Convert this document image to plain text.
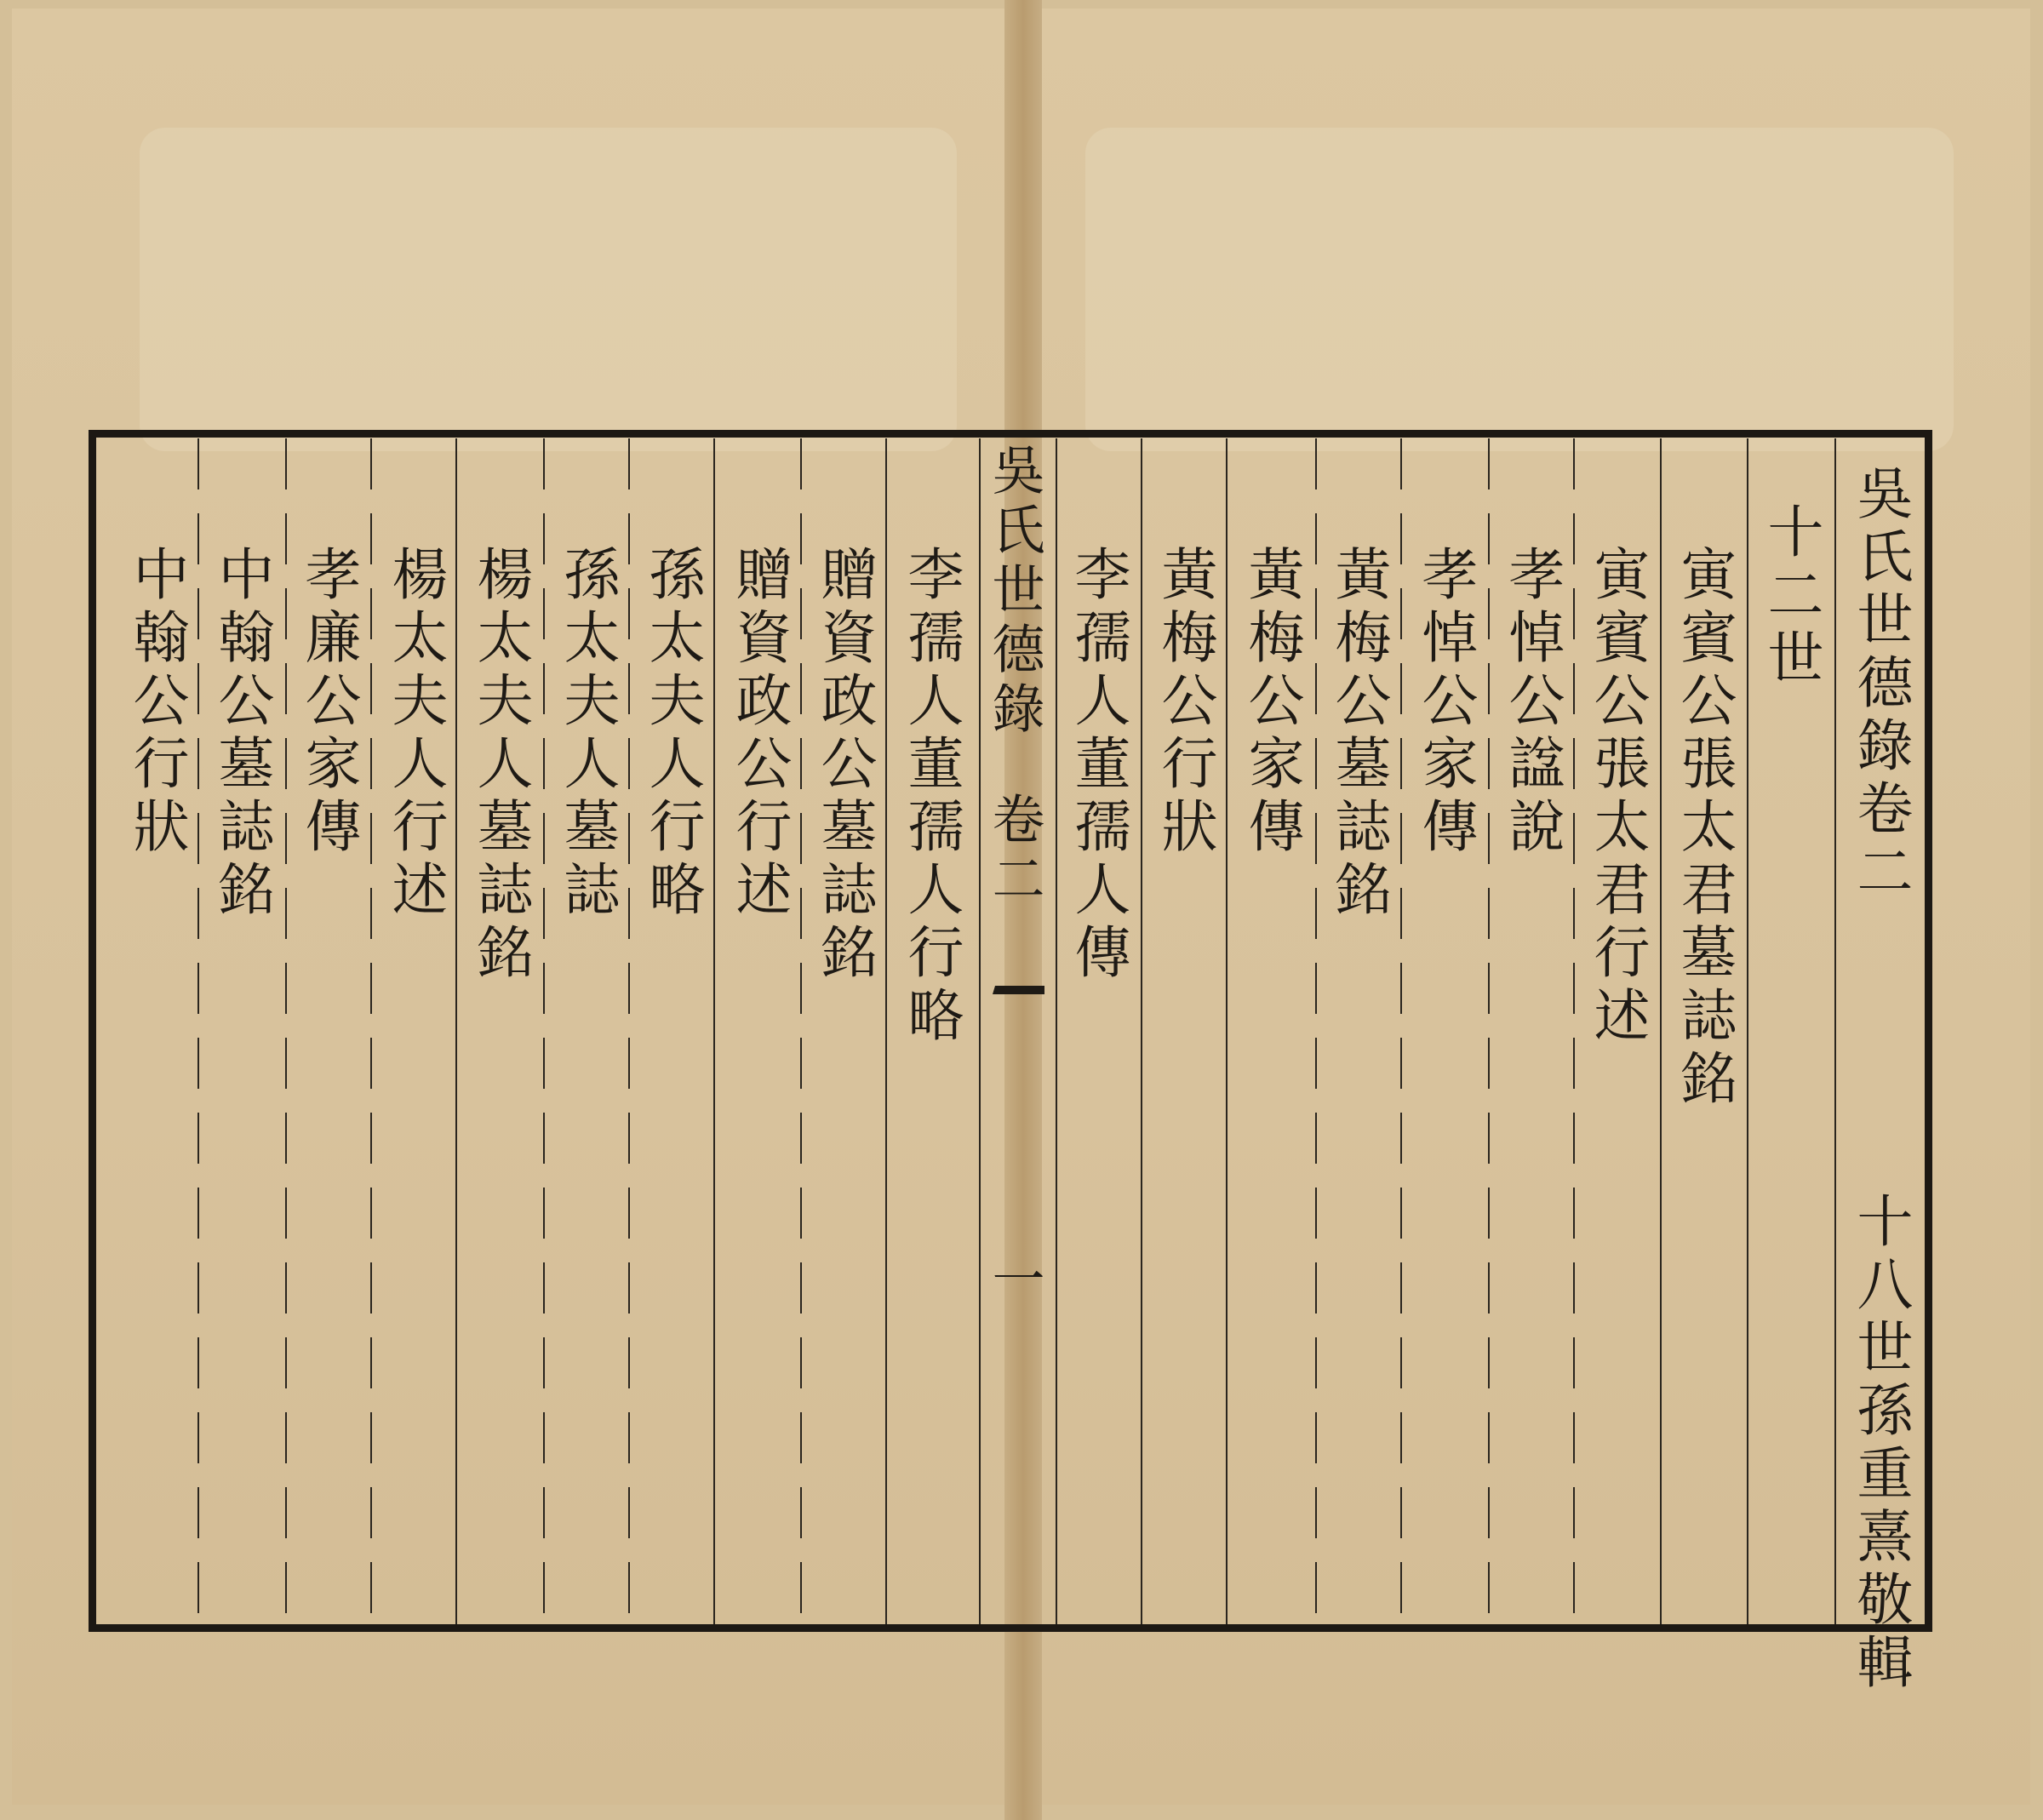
吳氏世德錄卷二
十八世孫重熹敬輯
十二世
寅賓公張太君墓誌銘
寅賓公張太君行述
孝悼公諡說
孝悼公家傳
黃梅公墓誌銘
黃梅公家傳
黃梅公行狀
李孺人董孺人傳
吳氏世德錄
卷二
一
李孺人董孺人行略
贈資政公墓誌銘
贈資政公行述
孫太夫人行略
孫太夫人墓誌
楊太夫人墓誌銘
楊太夫人行述
孝廉公家傳
中翰公墓誌銘
中翰公行狀
